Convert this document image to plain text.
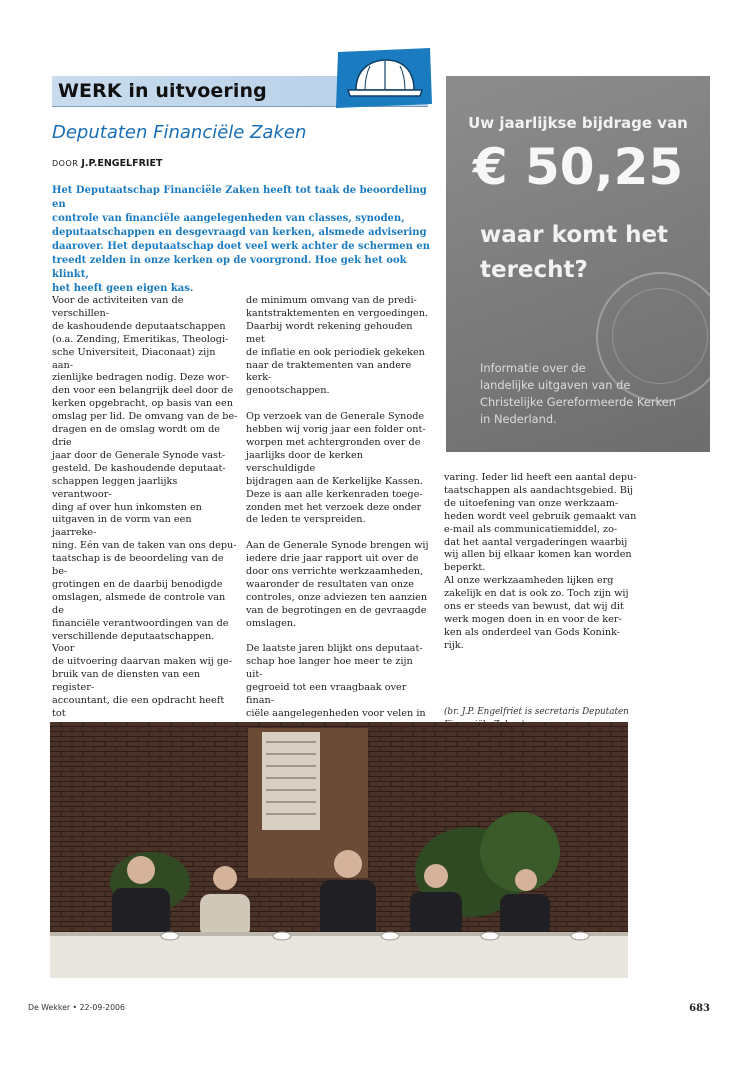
WERK in uitvoering
Deputaten Financiële Zaken
DOOR J.P.ENGELFRIET
Het Deputaatschap Financiële Zaken heeft tot taak de beoordeling en
controle van financiële aangelegenheden van classes, synoden,
deputaatschappen en desgevraagd van kerken, alsmede advisering
daarover. Het deputaatschap doet veel werk achter de schermen en
treedt zelden in onze kerken op de voorgrond. Hoe gek het ook klinkt,
het heeft geen eigen kas.
Voor de activiteiten van de verschillen-
de kashoudende deputaatschappen
(o.a. Zending, Emeritikas, Theologi-
sche Universiteit, Diaconaat) zijn aan-
zienlijke bedragen nodig. Deze wor-
den voor een belangrijk deel door de
kerken opgebracht, op basis van een
omslag per lid. De omvang van de be-
dragen en de omslag wordt om de drie
jaar door de Generale Synode vast-
gesteld. De kashoudende deputaat-
schappen leggen jaarlijks verantwoor-
ding af over hun inkomsten en
uitgaven in de vorm van een jaarreke-
ning. Eén van de taken van ons depu-
taatschap is de beoordeling van de be-
grotingen en de daarbij benodigde
omslagen, alsmede de controle van de
financiële verantwoordingen van de
verschillende deputaatschappen. Voor
de uitvoering daarvan maken wij ge-
bruik van de diensten van een register-
accountant, die een opdracht heeft tot

de minimum omvang van de predi-
kantstraktementen en vergoedingen.
Daarbij wordt rekening gehouden met
de inflatie en ook periodiek gekeken
naar de traktementen van andere kerk-
genootschappen.

Op verzoek van de Generale Synode
hebben wij vorig jaar een folder ont-
worpen met achtergronden over de
jaarlijks door de kerken verschuldigde
bijdragen aan de Kerkelijke Kassen.
Deze is aan alle kerkenraden toege-
zonden met het verzoek deze onder
de leden te verspreiden.

Aan de Generale Synode brengen wij
iedere drie jaar rapport uit over de
door ons verrichte werkzaamheden,
waaronder de resultaten van onze
controles, onze adviezen ten aanzien
van de begrotingen en de gevraagde
omslagen.

De laatste jaren blijkt ons deputaat-
schap hoe langer hoe meer te zijn uit-
gegroeid tot een vraagbaak over finan-
ciële aangelegenheden voor velen in

varing. Ieder lid heeft een aantal depu-
taatschappen als aandachtsgebied. Bij
de uitoefening van onze werkzaam-
heden wordt veel gebruik gemaakt van
e-mail als communicatiemiddel, zo-
dat het aantal vergaderingen waarbij
wij allen bij elkaar komen kan worden
beperkt.
Al onze werkzaamheden lijken erg
zakelijk en dat is ook zo. Toch zijn wij
ons er steeds van bewust, dat wij dit
werk mogen doen in en voor de ker-
ken als onderdeel van Gods Konink-
rijk.
(br. J.P. Engelfriet is secretaris Deputaten

Uw jaarlijkse bijdrage van
€ 50,25
waar komt het
terecht?
Informatie over de
landelijke uitgaven van de
Christelijke Gereformeerde Kerken
in Nederland.
De Wekker • 22-09-2006	683
